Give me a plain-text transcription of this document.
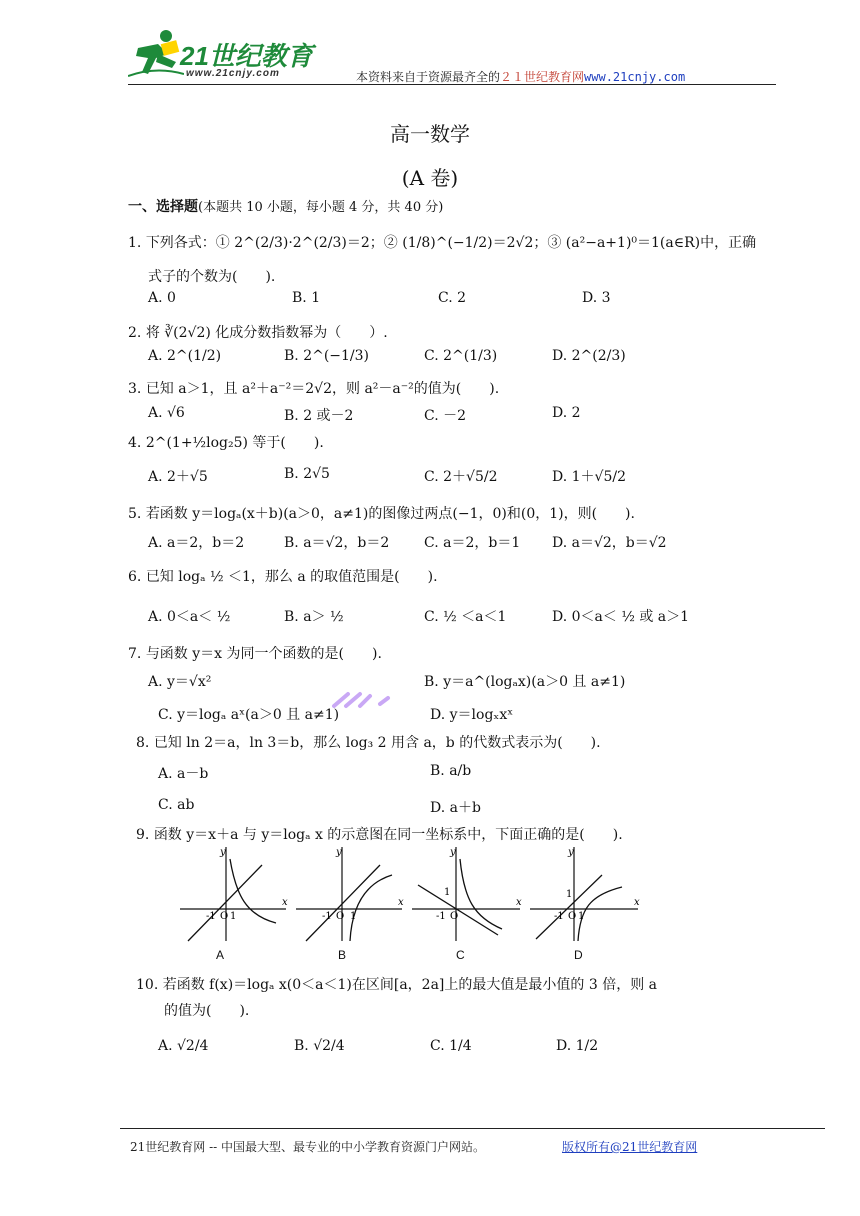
21世纪教育
www.21cnjy.com	本资料来自于资源最齐全的２１世纪教育网www.21cnjy.com
高一数学
(A 卷)
一、选择题(本题共 10 小题，每小题 4 分，共 40 分)
1. 下列各式：① 2^(2/3)·2^(2/3)＝2；② (1/8)^(−1/2)＝2√2；③ (a²−a+1)⁰＝1(a∈R)中，正确
式子的个数为(　　).
A. 0	B. 1	C. 2	D. 3
2. 将 ∛(2√2) 化成分数指数幂为（　　）.
A. 2^(1/2)	B. 2^(−1/3)	C. 2^(1/3)	D. 2^(2/3)
3. 已知 a＞1，且 a²＋a⁻²＝2√2，则 a²－a⁻²的值为(　　).
A. √6	B. 2 或－2	C. －2	D. 2
4. 2^(1+½log₂5) 等于(　　).
A. 2＋√5	B. 2√5	C. 2＋√5/2	D. 1＋√5/2
5. 若函数 y＝logₐ(x＋b)(a＞0，a≠1)的图像过两点(−1，0)和(0，1)，则(　　).
A. a＝2，b＝2	B. a＝√2，b＝2 C. a＝2，b＝1 D. a＝√2，b＝√2
6. 已知 logₐ ½ ＜1，那么 a 的取值范围是(　　).
A. 0＜a＜ ½	B. a＞ ½	C. ½ ＜a＜1	D. 0＜a＜ ½ 或 a＞1
7. 与函数 y＝x 为同一个函数的是(　　).
A. y＝√x²	B. y＝a^(logₐx)(a＞0 且 a≠1)
C. y＝logₐ aˣ(a＞0 且 a≠1)	D. y＝logₓxˣ
8. 已知 ln 2＝a，ln 3＝b，那么 log₃ 2 用含 a，b 的代数式表示为(　　).
A. a－b	B. a/b
C. ab	D. a＋b
9. 函数 y＝x＋a 与 y＝logₐ x 的示意图在同一坐标系中，下面正确的是(　　).
y
x
-1 O 1
A
y
x
-1 O 1
B
y
x
-1 O
1
C
y
x
-1 O 1
1
D
10. 若函数 f(x)＝logₐ x(0＜a＜1)在区间[a，2a]上的最大值是最小值的 3 倍，则 a
的值为(　　).
A. √2/4	B. √2/4	C. 1/4	D. 1/2
21世纪教育网 -- 中国最大型、最专业的中小学教育资源门户网站。	版权所有@21世纪教育网
